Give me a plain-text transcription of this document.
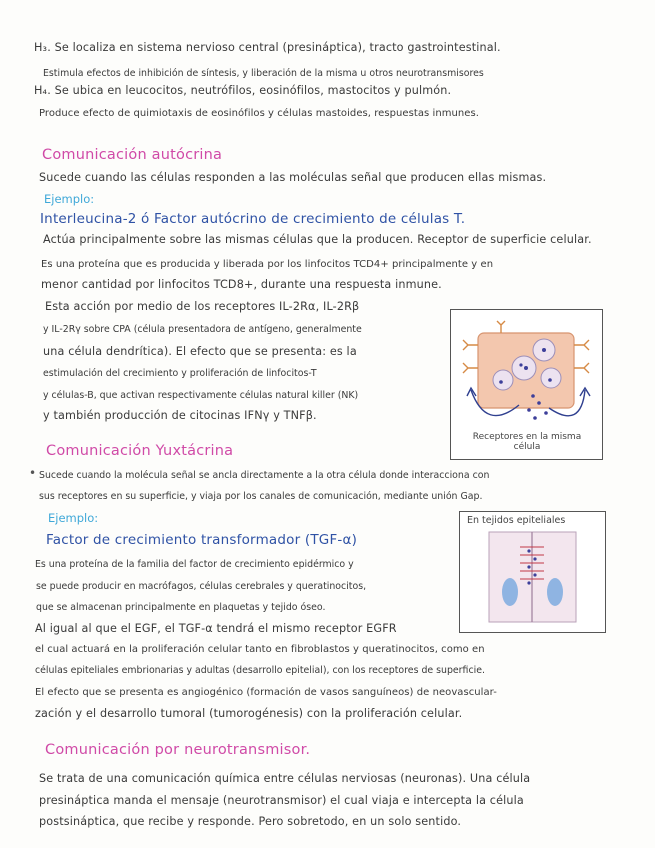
H₃. Se localiza en sistema nervioso central (presináptica), tracto gastrointestinal.

Estimula efectos de inhibición de síntesis, y liberación de la misma u otros neurotransmisores

H₄. Se ubica en leucocitos, neutrófilos, eosinófilos, mastocitos y pulmón.

Produce efecto de quimiotaxis de eosinófilos y células mastoides, respuestas inmunes.

Comunicación autócrina

Sucede cuando las células responden a las moléculas señal que producen ellas mismas.

Ejemplo:

Interleucina-2 ó Factor autócrino de crecimiento de células T.

Actúa principalmente sobre las mismas células que la producen. Receptor de superficie celular.

Es una proteína que es producida y liberada por los linfocitos TCD4+ principalmente y en

menor cantidad por linfocitos TCD8+, durante una respuesta inmune.

Esta acción por medio de los receptores IL-2Rα, IL-2Rβ

y IL-2Rγ sobre CPA (célula presentadora de antígeno, generalmente

una célula dendrítica). El efecto que se presenta: es la

estimulación del crecimiento y proliferación de linfocitos-T

y células-B, que activan respectivamente células natural killer (NK)

y también producción de citocinas IFNγ y TNFβ.

Receptores en la misma célula

Comunicación Yuxtácrina

• Sucede cuando la molécula señal se ancla directamente a la otra célula donde interacciona con

sus receptores en su superficie, y viaja por los canales de comunicación, mediante unión Gap.

Ejemplo:

Factor de crecimiento transformador (TGF-α)

En tejidos epiteliales

Es una proteína de la familia del factor de crecimiento epidérmico y

se puede producir en macrófagos, células cerebrales y queratinocitos,

que se almacenan principalmente en plaquetas y tejido óseo.

Al igual al que el EGF, el TGF-α tendrá el mismo receptor EGFR

el cual actuará en la proliferación celular tanto en fibroblastos y queratinocitos, como en

células epiteliales embrionarias y adultas (desarrollo epitelial), con los receptores de superficie.

El efecto que se presenta es angiogénico (formación de vasos sanguíneos) de neovascular-

zación y el desarrollo tumoral (tumorogénesis) con la proliferación celular.

Comunicación por neurotransmisor.

Se trata de una comunicación química entre células nerviosas (neuronas). Una célula

presináptica manda el mensaje (neurotransmisor) el cual viaja e intercepta la célula

postsináptica, que recibe y responde. Pero sobretodo, en un solo sentido.
